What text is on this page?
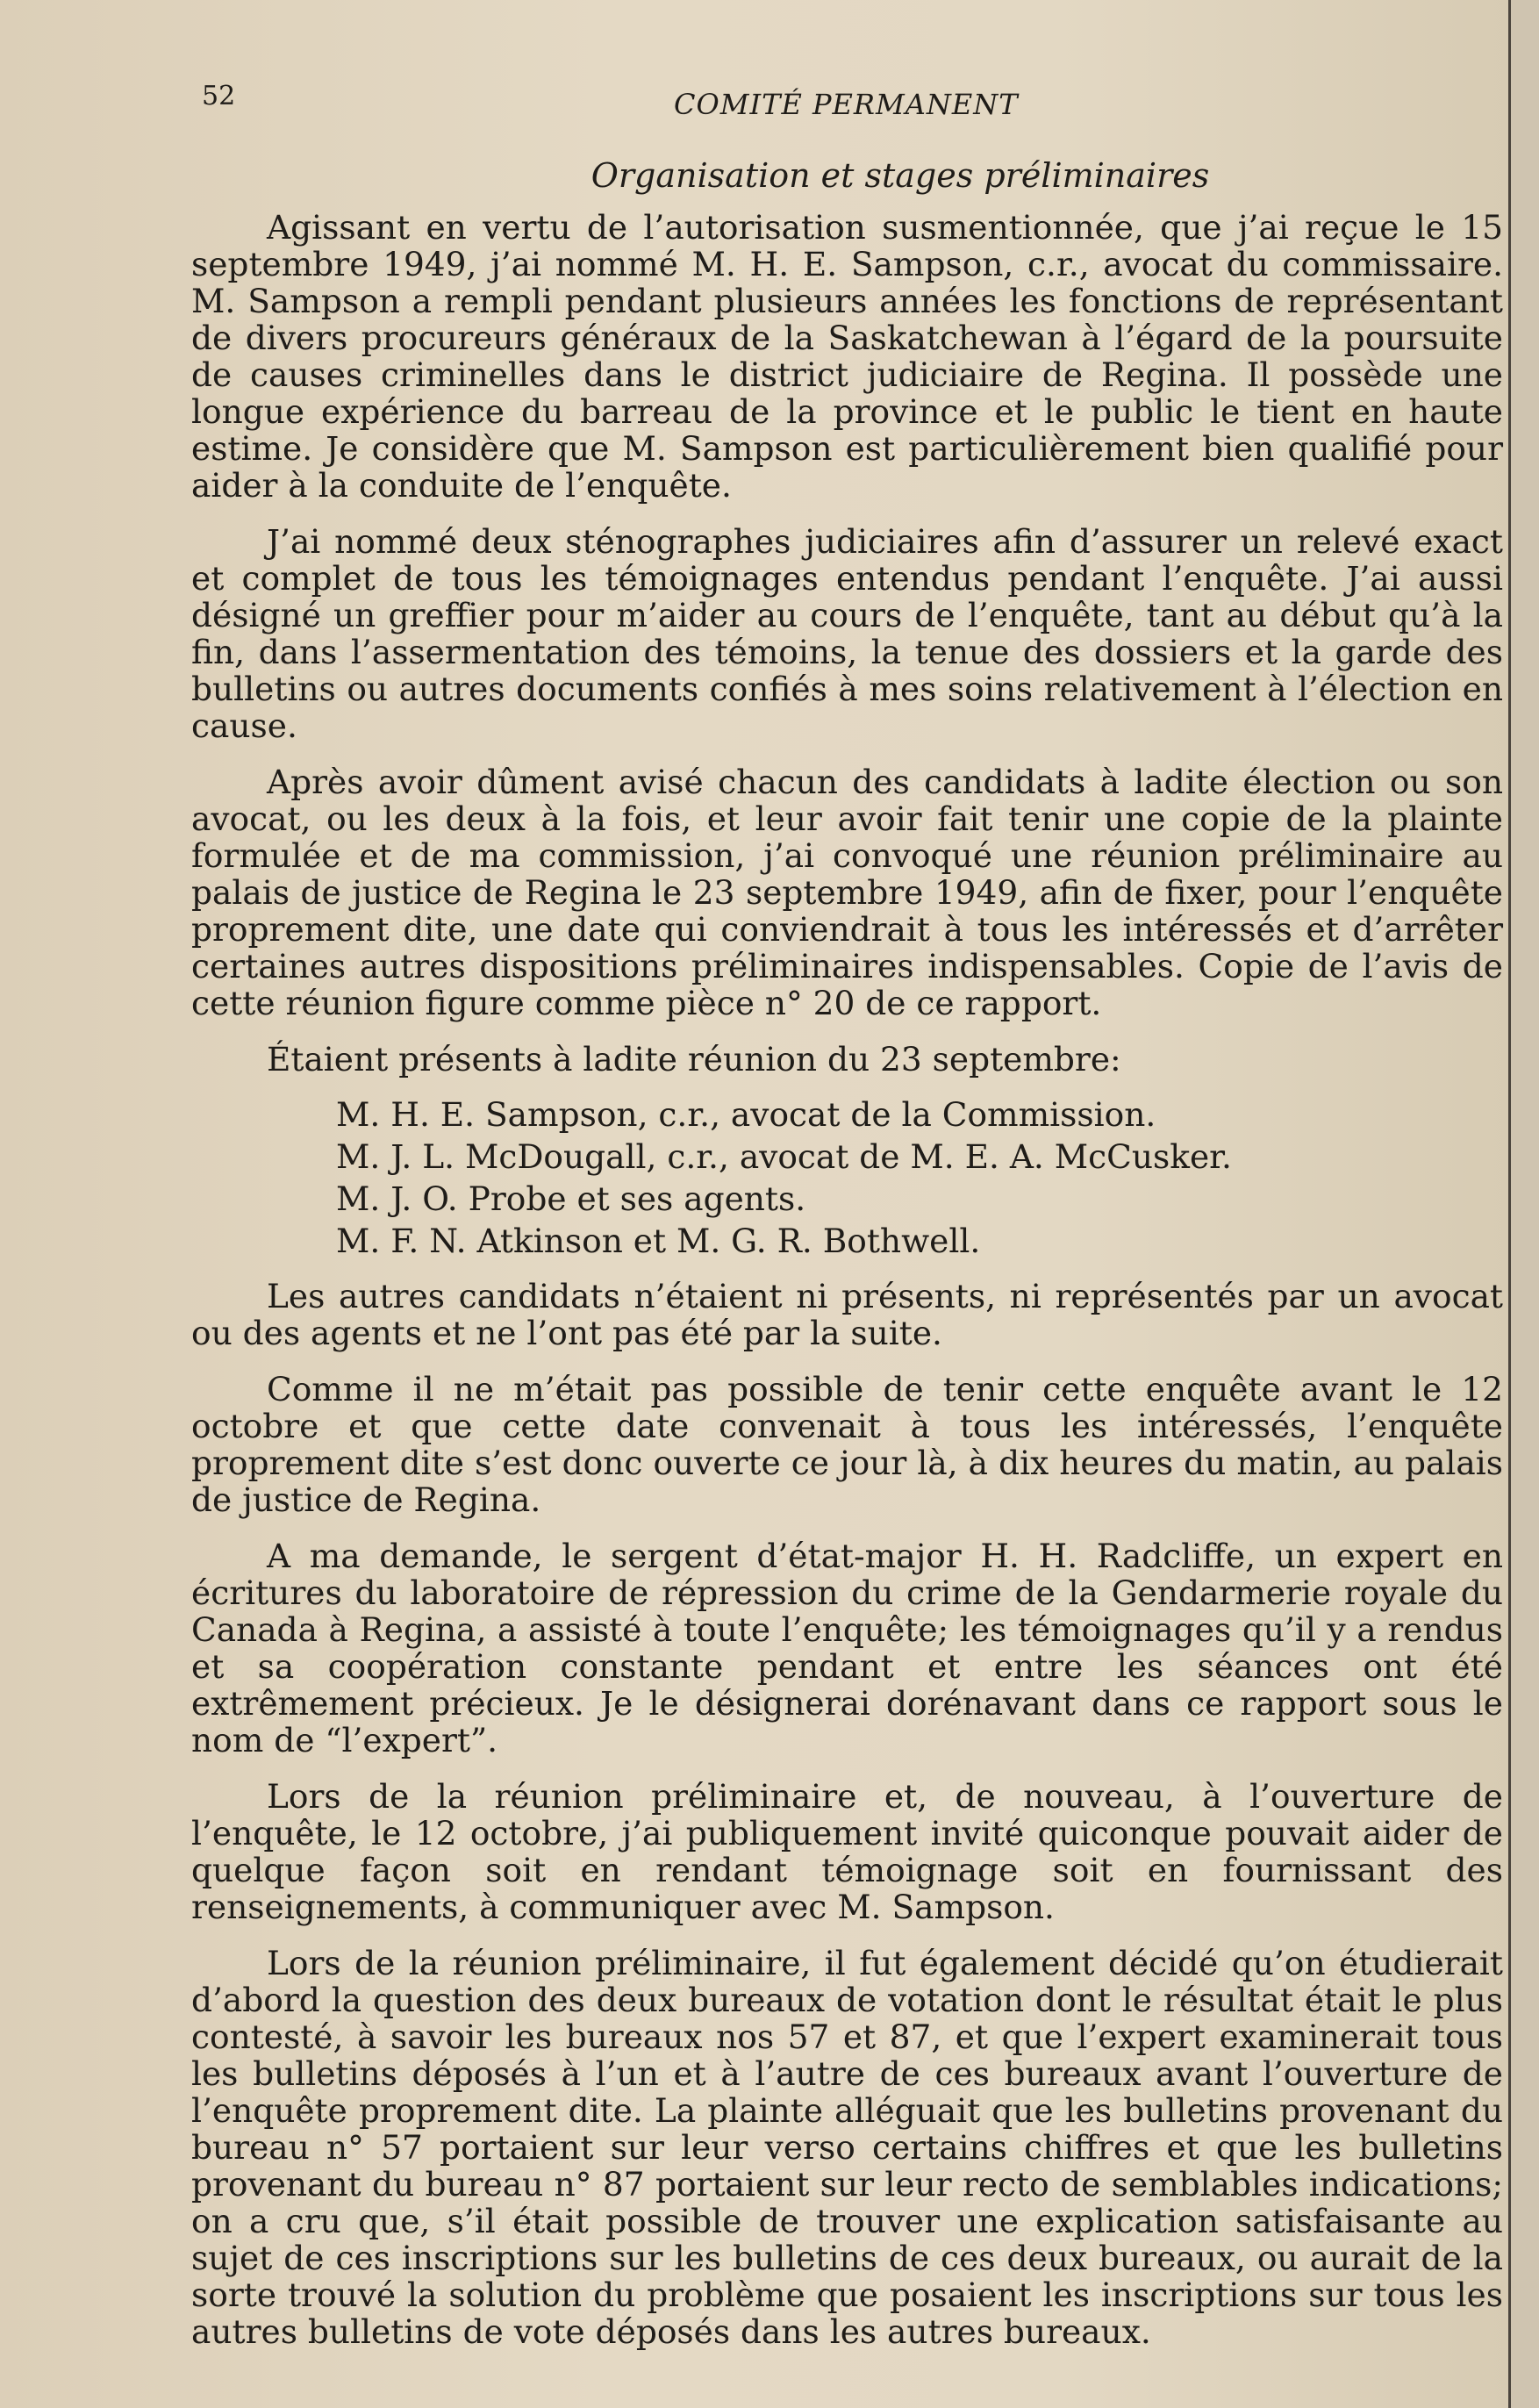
52	COMITÉ PERMANENT
Organisation et stages préliminaires

Agissant en vertu de l’autorisation susmentionnée, que j’ai reçue le 15 septembre 1949, j’ai nommé M. H. E. Sampson, c.r., avocat du commissaire. M. Sampson a rempli pendant plusieurs années les fonctions de représentant de divers procureurs généraux de la Saskatchewan à l’égard de la poursuite de causes criminelles dans le district judiciaire de Regina. Il possède une longue expérience du barreau de la province et le public le tient en haute estime. Je considère que M. Sampson est particulièrement bien qualifié pour aider à la conduite de l’enquête.

J’ai nommé deux sténographes judiciaires afin d’assurer un relevé exact et complet de tous les témoignages entendus pendant l’enquête. J’ai aussi désigné un greffier pour m’aider au cours de l’enquête, tant au début qu’à la fin, dans l’assermentation des témoins, la tenue des dossiers et la garde des bulletins ou autres documents confiés à mes soins relativement à l’élection en cause.

Après avoir dûment avisé chacun des candidats à ladite élection ou son avocat, ou les deux à la fois, et leur avoir fait tenir une copie de la plainte formulée et de ma commission, j’ai convoqué une réunion préliminaire au palais de justice de Regina le 23 septembre 1949, afin de fixer, pour l’enquête proprement dite, une date qui conviendrait à tous les intéressés et d’arrêter certaines autres dispositions préliminaires indispensables. Copie de l’avis de cette réunion figure comme pièce n° 20 de ce rapport.

Étaient présents à ladite réunion du 23 septembre:

M. H. E. Sampson, c.r., avocat de la Commission.
M. J. L. McDougall, c.r., avocat de M. E. A. McCusker.
M. J. O. Probe et ses agents.
M. F. N. Atkinson et M. G. R. Bothwell.

Les autres candidats n’étaient ni présents, ni représentés par un avocat ou des agents et ne l’ont pas été par la suite.

Comme il ne m’était pas possible de tenir cette enquête avant le 12 octobre et que cette date convenait à tous les intéressés, l’enquête proprement dite s’est donc ouverte ce jour là, à dix heures du matin, au palais de justice de Regina.

A ma demande, le sergent d’état-major H. H. Radcliffe, un expert en écritures du laboratoire de répression du crime de la Gendarmerie royale du Canada à Regina, a assisté à toute l’enquête; les témoignages qu’il y a rendus et sa coopération constante pendant et entre les séances ont été extrêmement précieux. Je le désignerai dorénavant dans ce rapport sous le nom de “l’expert”.

Lors de la réunion préliminaire et, de nouveau, à l’ouverture de l’enquête, le 12 octobre, j’ai publiquement invité quiconque pouvait aider de quelque façon soit en rendant témoignage soit en fournissant des renseignements, à communiquer avec M. Sampson.

Lors de la réunion préliminaire, il fut également décidé qu’on étudierait d’abord la question des deux bureaux de votation dont le résultat était le plus contesté, à savoir les bureaux nos 57 et 87, et que l’expert examinerait tous les bulletins déposés à l’un et à l’autre de ces bureaux avant l’ouverture de l’enquête proprement dite. La plainte alléguait que les bulletins provenant du bureau n° 57 portaient sur leur verso certains chiffres et que les bulletins provenant du bureau n° 87 portaient sur leur recto de semblables indications; on a cru que, s’il était possible de trouver une explication satisfaisante au sujet de ces inscriptions sur les bulletins de ces deux bureaux, ou aurait de la sorte trouvé la solution du problème que posaient les inscriptions sur tous les autres bulletins de vote déposés dans les autres bureaux.
